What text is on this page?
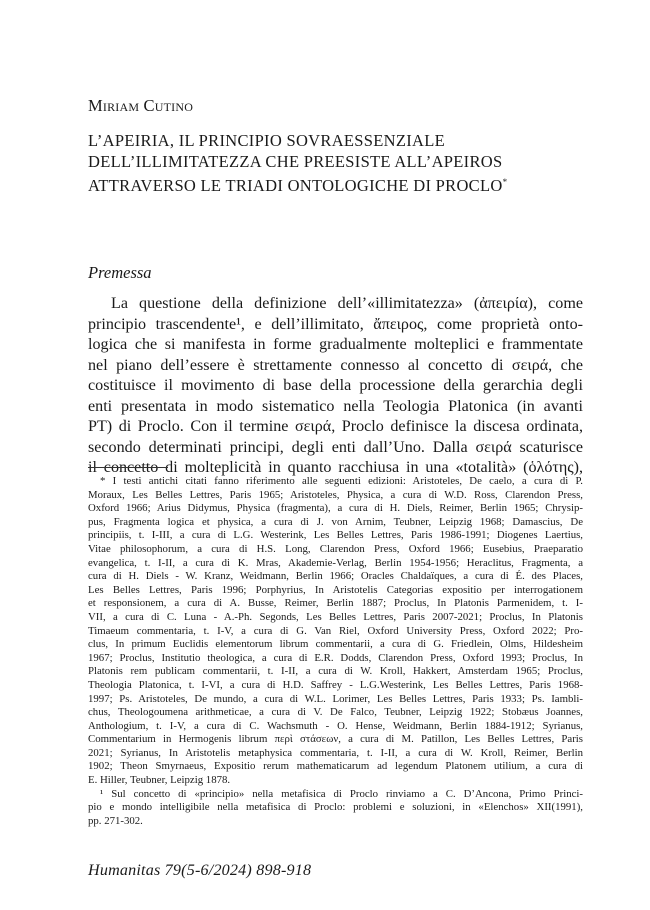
Miriam Cutino
L’APEIRIA, IL PRINCIPIO SOVRAESSENZIALE
DELL’ILLIMITATEZZA CHE PREESISTE ALL’APEIROS
ATTRAVERSO LE TRIADI ONTOLOGICHE DI PROCLO*
Premessa
La questione della definizione dell’«illimitatezza» (ἀπειρία), come
principio trascendente¹, e dell’illimitato, ἄπειρος, come proprietà onto-
logica che si manifesta in forme gradualmente molteplici e frammentate
nel piano dell’essere è strettamente connesso al concetto di σειρά, che
costituisce il movimento di base della processione della gerarchia degli
enti presentata in modo sistematico nella Teologia Platonica (in avanti
PT) di Proclo. Con il termine σειρά, Proclo definisce la discesa ordinata,
secondo determinati principi, degli enti dall’Uno. Dalla σειρά scaturisce
il concetto di molteplicità in quanto racchiusa in una «totalità» (ὁλότης),
* I testi antichi citati fanno riferimento alle seguenti edizioni: Aristoteles, De caelo, a cura di P.
Moraux, Les Belles Lettres, Paris 1965; Aristoteles, Physica, a cura di W.D. Ross, Clarendon Press,
Oxford 1966; Arius Didymus, Physica (fragmenta), a cura di H. Diels, Reimer, Berlin 1965; Chrysip-
pus, Fragmenta logica et physica, a cura di J. von Arnim, Teubner, Leipzig 1968; Damascius, De
principiis, t. I-III, a cura di L.G. Westerink, Les Belles Lettres, Paris 1986-1991; Diogenes Laertius,
Vitae philosophorum, a cura di H.S. Long, Clarendon Press, Oxford 1966; Eusebius, Praeparatio
evangelica, t. I-II, a cura di K. Mras, Akademie-Verlag, Berlin 1954-1956; Heraclitus, Fragmenta, a
cura di H. Diels - W. Kranz, Weidmann, Berlin 1966; Oracles Chaldaïques, a cura di É. des Places,
Les Belles Lettres, Paris 1996; Porphyrius, In Aristotelis Categorias expositio per interrogationem
et responsionem, a cura di A. Busse, Reimer, Berlin 1887; Proclus, In Platonis Parmenidem, t. I-
VII, a cura di C. Luna - A.-Ph. Segonds, Les Belles Lettres, Paris 2007-2021; Proclus, In Platonis
Timaeum commentaria, t. I-V, a cura di G. Van Riel, Oxford University Press, Oxford 2022; Pro-
clus, In primum Euclidis elementorum librum commentarii, a cura di G. Friedlein, Olms, Hildesheim
1967; Proclus, Institutio theologica, a cura di E.R. Dodds, Clarendon Press, Oxford 1993; Proclus, In
Platonis rem publicam commentarii, t. I-II, a cura di W. Kroll, Hakkert, Amsterdam 1965; Proclus,
Theologia Platonica, t. I-VI, a cura di H.D. Saffrey - L.G.Westerink, Les Belles Lettres, Paris 1968-
1997; Ps. Aristoteles, De mundo, a cura di W.L. Lorimer, Les Belles Lettres, Paris 1933; Ps. Iambli-
chus, Theologoumena arithmeticae, a cura di V. De Falco, Teubner, Leipzig 1922; Stobæus Joannes,
Anthologium, t. I-V, a cura di C. Wachsmuth - O. Hense, Weidmann, Berlin 1884-1912; Syrianus,
Commentarium in Hermogenis librum περὶ στάσεων, a cura di M. Patillon, Les Belles Lettres, Paris
2021; Syrianus, In Aristotelis metaphysica commentaria, t. I-II, a cura di W. Kroll, Reimer, Berlin
1902; Theon Smyrnaeus, Expositio rerum mathematicarum ad legendum Platonem utilium, a cura di
E. Hiller, Teubner, Leipzig 1878.
¹ Sul concetto di «principio» nella metafisica di Proclo rinviamo a C. D’Ancona, Primo Princi-
pio e mondo intelligibile nella metafisica di Proclo: problemi e soluzioni, in «Elenchos» XII(1991),
pp. 271-302.
Humanitas 79(5-6/2024) 898-918
